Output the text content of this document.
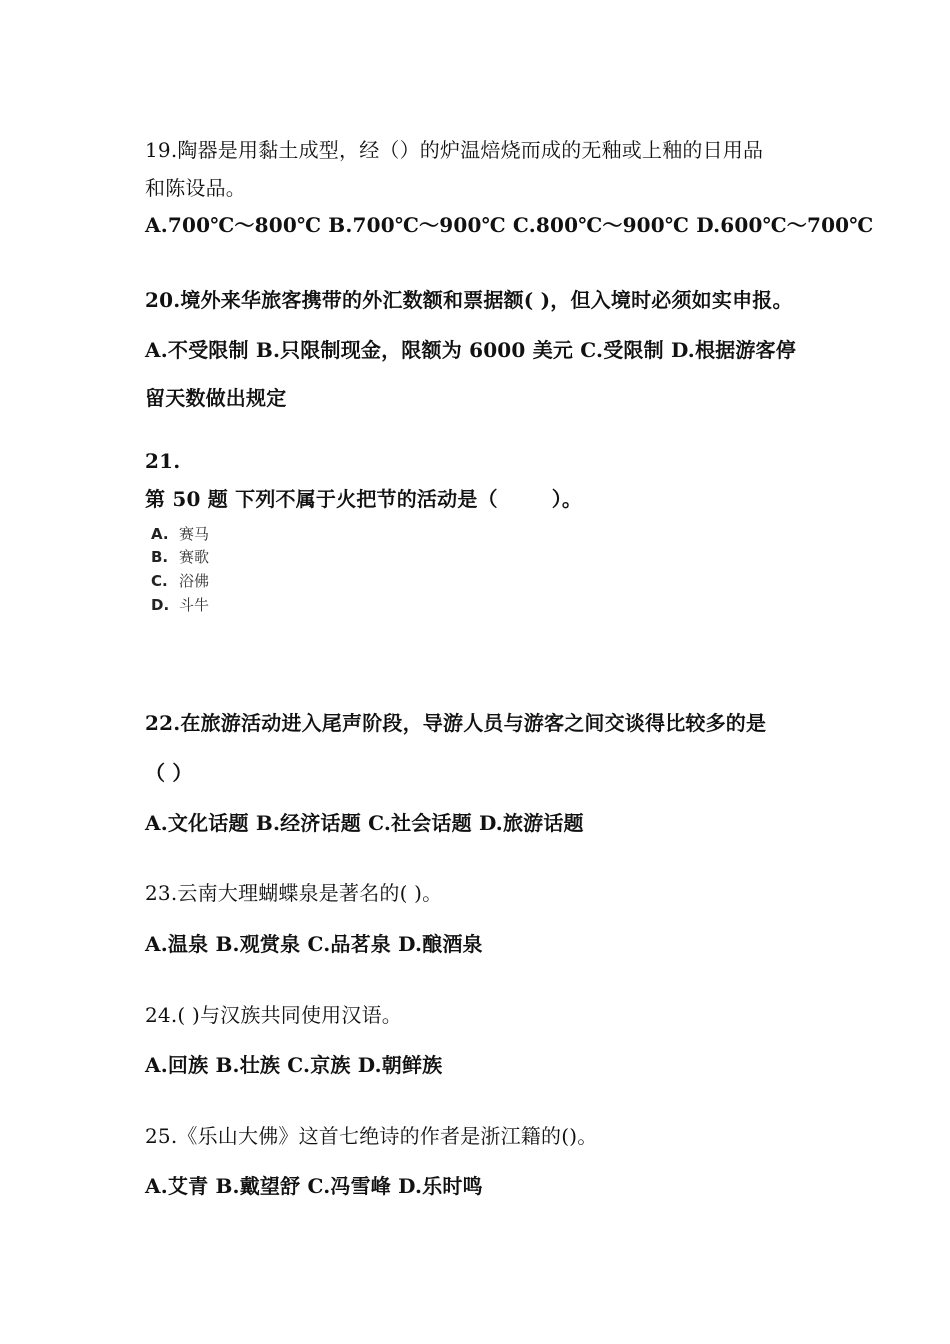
19.陶器是用黏土成型，经（）的炉温焙烧而成的无釉或上釉的日用品
和陈设品。
A.700℃～800℃ B.700℃～900℃ C.800℃～900℃ D.600℃～700℃
20.境外来华旅客携带的外汇数额和票据额( )，但入境时必须如实申报。
A.不受限制 B.只限制现金，限额为 6000 美元 C.受限制 D.根据游客停
留天数做出规定
21.
第 50 题 下列不属于火把节的活动是（	）。
A. 赛马
B. 赛歌
C. 浴佛
D. 斗牛
22.在旅游活动进入尾声阶段，导游人员与游客之间交谈得比较多的是
（ ）
A.文化话题 B.经济话题 C.社会话题 D.旅游话题
23.云南大理蝴蝶泉是著名的( )。
A.温泉 B.观赏泉 C.品茗泉 D.酿酒泉
24.( )与汉族共同使用汉语。
A.回族 B.壮族 C.京族 D.朝鲜族
25.《乐山大佛》这首七绝诗的作者是浙江籍的()。
A.艾青 B.戴望舒 C.冯雪峰 D.乐时鸣
